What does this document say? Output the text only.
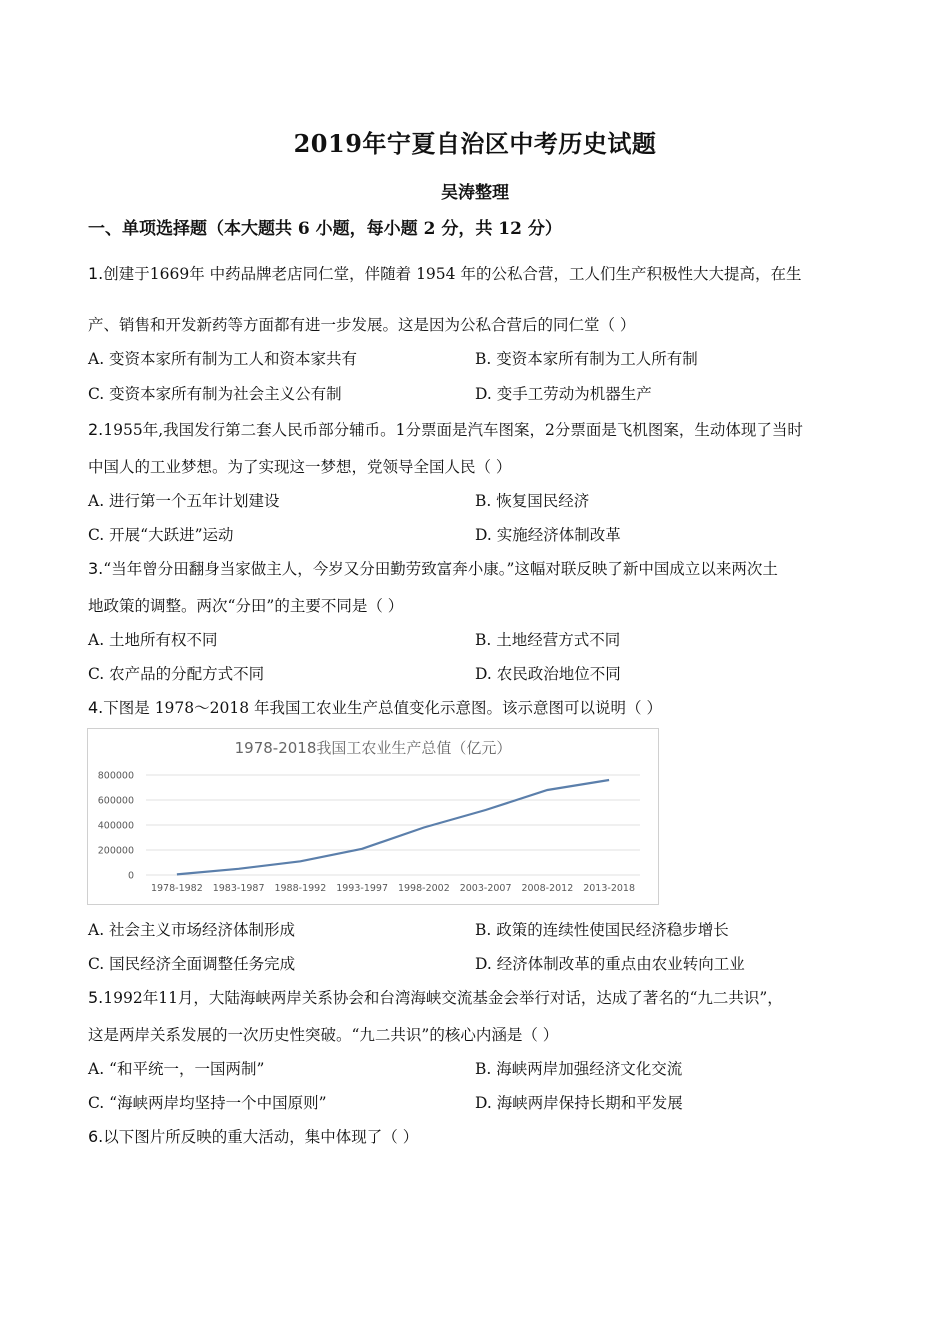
2019年宁夏自治区中考历史试题
吴涛整理
一、单项选择题（本大题共 6 小题，每小题 2 分，共 12 分）
1.创建于1669年 中药品牌老店同仁堂，伴随着 1954 年的公私合营，工人们生产积极性大大提高，在生
产、销售和开发新药等方面都有进一步发展。这是因为公私合营后的同仁堂（ ）
A. 变资本家所有制为工人和资本家共有	B. 变资本家所有制为工人所有制
C. 变资本家所有制为社会主义公有制	D. 变手工劳动为机器生产
2.1955年,我国发行第二套人民币部分辅币。1分票面是汽车图案，2分票面是飞机图案，生动体现了当时
中国人的工业梦想。为了实现这一梦想，党领导全国人民（ ）
A. 进行第一个五年计划建设	B. 恢复国民经济
C. 开展“大跃进”运动	D. 实施经济体制改革
3.“当年曾分田翻身当家做主人，今岁又分田勤劳致富奔小康。”这幅对联反映了新中国成立以来两次土
地政策的调整。两次“分田”的主要不同是（ ）
A. 土地所有权不同	B. 土地经营方式不同
C. 农产品的分配方式不同	D. 农民政治地位不同
4.下图是 1978～2018 年我国工农业生产总值变化示意图。该示意图可以说明（ ）
1978-2018我国工农业生产总值（亿元）
0
200000
400000
600000
800000
1978-1982 1983-1987 1988-1992 1993-1997 1998-2002 2003-2007 2008-2012 2013-2018
A. 社会主义市场经济体制形成	B. 政策的连续性使国民经济稳步增长
C. 国民经济全面调整任务完成	D. 经济体制改革的重点由农业转向工业
5.1992年11月，大陆海峡两岸关系协会和台湾海峡交流基金会举行对话，达成了著名的“九二共识”，
这是两岸关系发展的一次历史性突破。“九二共识”的核心内涵是（ ）
A. “和平统一，一国两制”	B. 海峡两岸加强经济文化交流
C. “海峡两岸均坚持一个中国原则”	D. 海峡两岸保持长期和平发展
6.以下图片所反映的重大活动，集中体现了（ ）
